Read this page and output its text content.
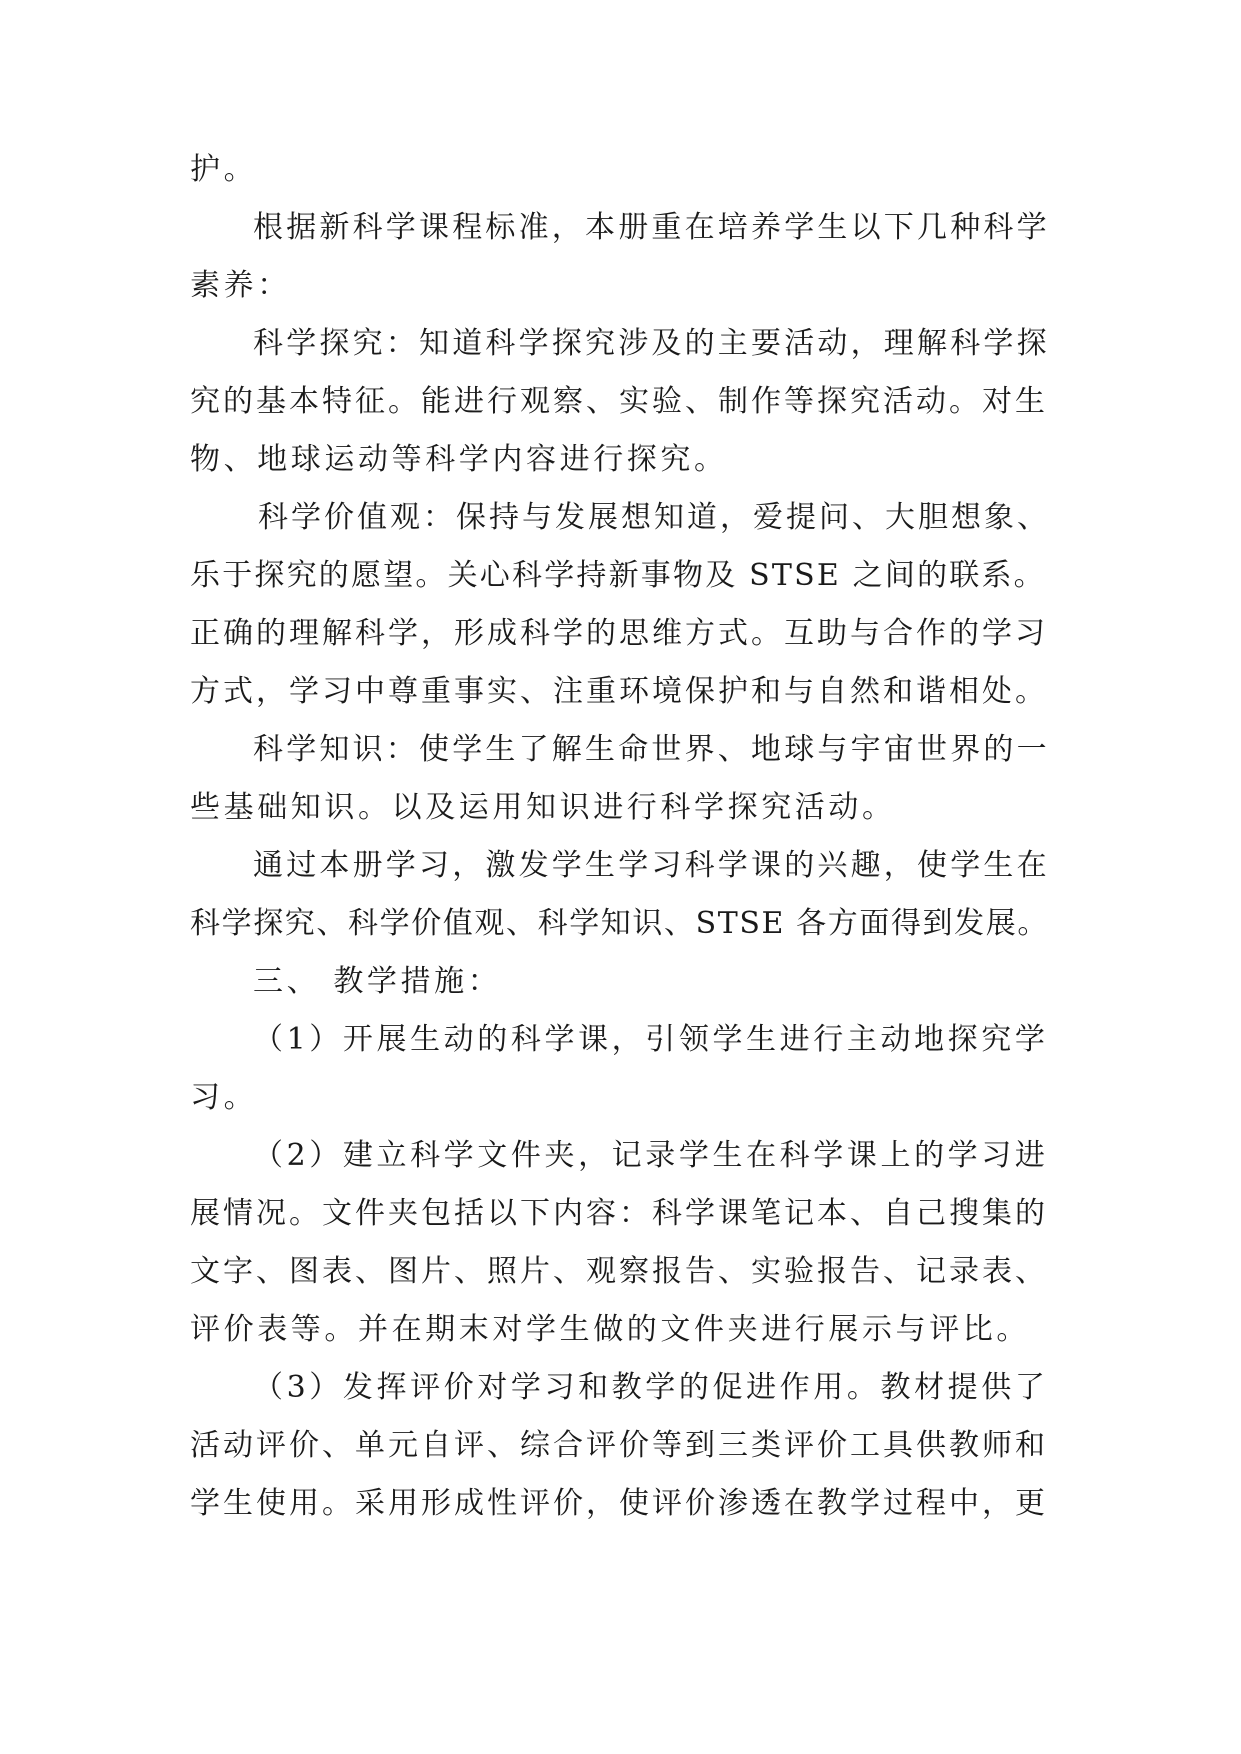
护。
根据新科学课程标准，本册重在培养学生以下几种科学
素养：
科学探究：知道科学探究涉及的主要活动，理解科学探
究的基本特征。能进行观察、实验、制作等探究活动。对生
物、地球运动等科学内容进行探究。
科学价值观：保持与发展想知道，爱提问、大胆想象、
乐于探究的愿望。关心科学持新事物及 STSE 之间的联系。
正确的理解科学，形成科学的思维方式。互助与合作的学习
方式，学习中尊重事实、注重环境保护和与自然和谐相处。
科学知识：使学生了解生命世界、地球与宇宙世界的一
些基础知识。以及运用知识进行科学探究活动。
通过本册学习，激发学生学习科学课的兴趣，使学生在
科学探究、科学价值观、科学知识、STSE 各方面得到发展。
三、 教学措施：
（1）开展生动的科学课，引领学生进行主动地探究学
习。
（2）建立科学文件夹，记录学生在科学课上的学习进
展情况。文件夹包括以下内容：科学课笔记本、自己搜集的
文字、图表、图片、照片、观察报告、实验报告、记录表、
评价表等。并在期末对学生做的文件夹进行展示与评比。
（3）发挥评价对学习和教学的促进作用。教材提供了
活动评价、单元自评、综合评价等到三类评价工具供教师和
学生使用。采用形成性评价，使评价渗透在教学过程中，更
